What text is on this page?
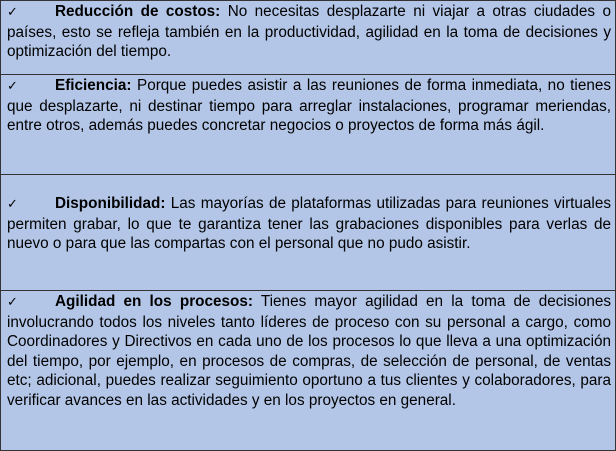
✓ Reducción de costos: No necesitas desplazarte ni viajar a otras ciudades o países, esto se refleja también en la productividad, agilidad en la toma de decisiones y optimización del tiempo.

✓ Eficiencia: Porque puedes asistir a las reuniones de forma inmediata, no tienes que desplazarte, ni destinar tiempo para arreglar instalaciones, programar meriendas, entre otros, además puedes concretar negocios o proyectos de forma más ágil.

✓ Disponibilidad: Las mayorías de plataformas utilizadas para reuniones virtuales permiten grabar, lo que te garantiza tener las grabaciones disponibles para verlas de nuevo o para que las compartas con el personal que no pudo asistir.

✓ Agilidad en los procesos: Tienes mayor agilidad en la toma de decisiones involucrando todos los niveles tanto líderes de proceso con su personal a cargo, como Coordinadores y Directivos en cada uno de los procesos lo que lleva a una optimización del tiempo, por ejemplo, en procesos de compras, de selección de personal, de ventas etc; adicional, puedes realizar seguimiento oportuno a tus clientes y colaboradores, para verificar avances en las actividades y en los proyectos en general.
